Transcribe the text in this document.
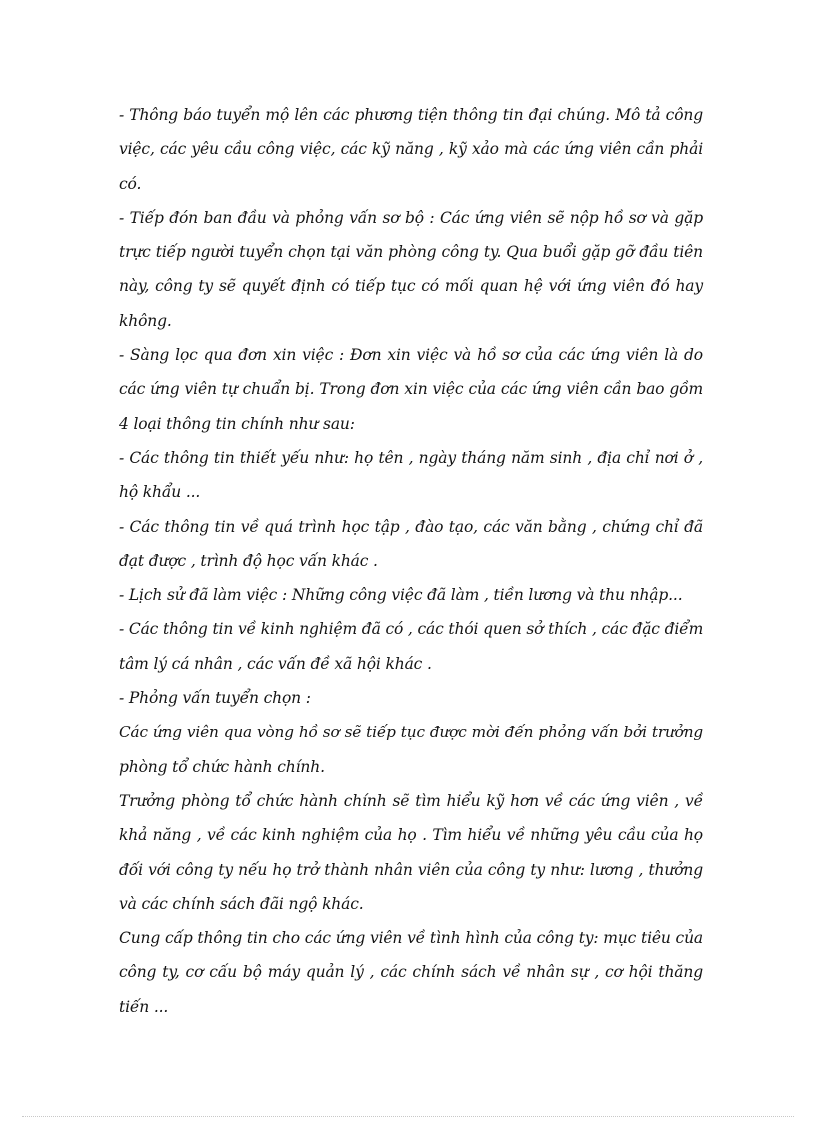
- Thông báo tuyển mộ lên các phương tiện thông tin đại chúng. Mô tả công
việc, các yêu cầu công việc, các kỹ năng , kỹ xảo mà các ứng viên cần phải
có.
- Tiếp đón ban đầu và phỏng vấn sơ bộ : Các ứng viên sẽ nộp hồ sơ và gặp
trực tiếp người tuyển chọn tại văn phòng công ty. Qua buổi gặp gỡ đầu tiên
này, công ty sẽ quyết định có tiếp tục có mối quan hệ với ứng viên đó hay
không.
- Sàng lọc qua đơn xin việc : Đơn xin việc và hồ sơ của các ứng viên là do
các ứng viên tự chuẩn bị. Trong đơn xin việc của các ứng viên cần bao gồm
4 loại thông tin chính như sau:
- Các thông tin thiết yếu như: họ tên , ngày tháng năm sinh , địa chỉ nơi ở ,
hộ khẩu ...
- Các thông tin về quá trình học tập , đào tạo, các văn bằng , chứng chỉ đã
đạt được , trình độ học vấn khác .
- Lịch sử đã làm việc : Những công việc đã làm , tiền lương và thu nhập...
- Các thông tin về kinh nghiệm đã có , các thói quen sở thích , các đặc điểm
tâm lý cá nhân , các vấn đề xã hội khác .
- Phỏng vấn tuyển chọn :
Các ứng viên qua vòng hồ sơ sẽ tiếp tục được mời đến phỏng vấn bởi trưởng
phòng tổ chức hành chính.
Trưởng phòng tổ chức hành chính sẽ tìm hiểu kỹ hơn về các ứng viên , về
khả năng , về các kinh nghiệm của họ . Tìm hiểu về những yêu cầu của họ
đối với công ty nếu họ trở thành nhân viên của công ty như: lương , thưởng
và các chính sách đãi ngộ khác.
Cung cấp thông tin cho các ứng viên về tình hình của công ty: mục tiêu của
công ty, cơ cấu bộ máy quản lý , các chính sách về nhân sự , cơ hội thăng
tiến ...
